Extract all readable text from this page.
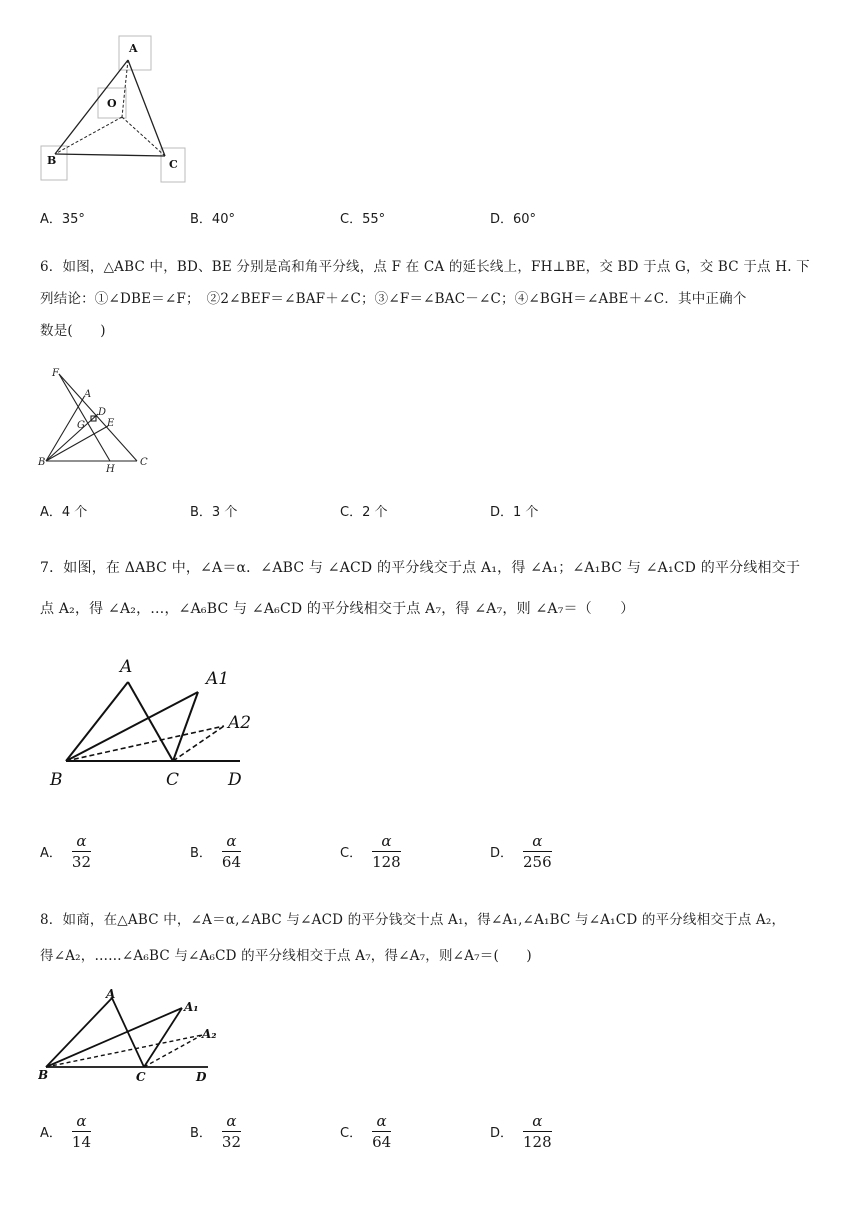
A
O
B	C
A．35°	B．40°	C．55°	D．60°
6．如图，△ABC 中，BD、BE 分别是高和角平分线，点 F 在 CA 的延长线上，FH⊥BE，交 BD 于点 G，交 BC 于点 H. 下
列结论：①∠DBE＝∠F；　②2∠BEF＝∠BAF＋∠C；③∠F＝∠BAC－∠C；④∠BGH＝∠ABE＋∠C．其中正确个
数是(　　)
F
A
D
E
G
B
H
C
A．4 个	B．3 个	C．2 个	D．1 个
7．如图，在 ΔABC 中，∠A＝α．∠ABC 与 ∠ACD 的平分线交于点 A₁，得 ∠A₁；∠A₁BC 与 ∠A₁CD 的平分线相交于
点 A₂，得 ∠A₂，…，∠A₆BC 与 ∠A₆CD 的平分线相交于点 A₇，得 ∠A₇，则 ∠A₇＝（　　）
A
A1
A2
B	C	D
A． $\frac{\alpha}{32}$	B． $\frac{\alpha}{64}$	C． $\frac{\alpha}{128}$	D． $\frac{\alpha}{256}$
8．如商，在△ABC 中，∠A＝α,∠ABC 与∠ACD 的平分钱交十点 A₁，得∠A₁,∠A₁BC 与∠A₁CD 的平分线相交于点 A₂，
得∠A₂，……∠A₆BC 与∠A₆CD 的平分线相交于点 A₇，得∠A₇，则∠A₇＝(　　)
A
A₁
A₂
B	C	D
A． $\frac{\alpha}{14}$	B． $\frac{\alpha}{32}$	C． $\frac{\alpha}{64}$	D． $\frac{\alpha}{128}$
